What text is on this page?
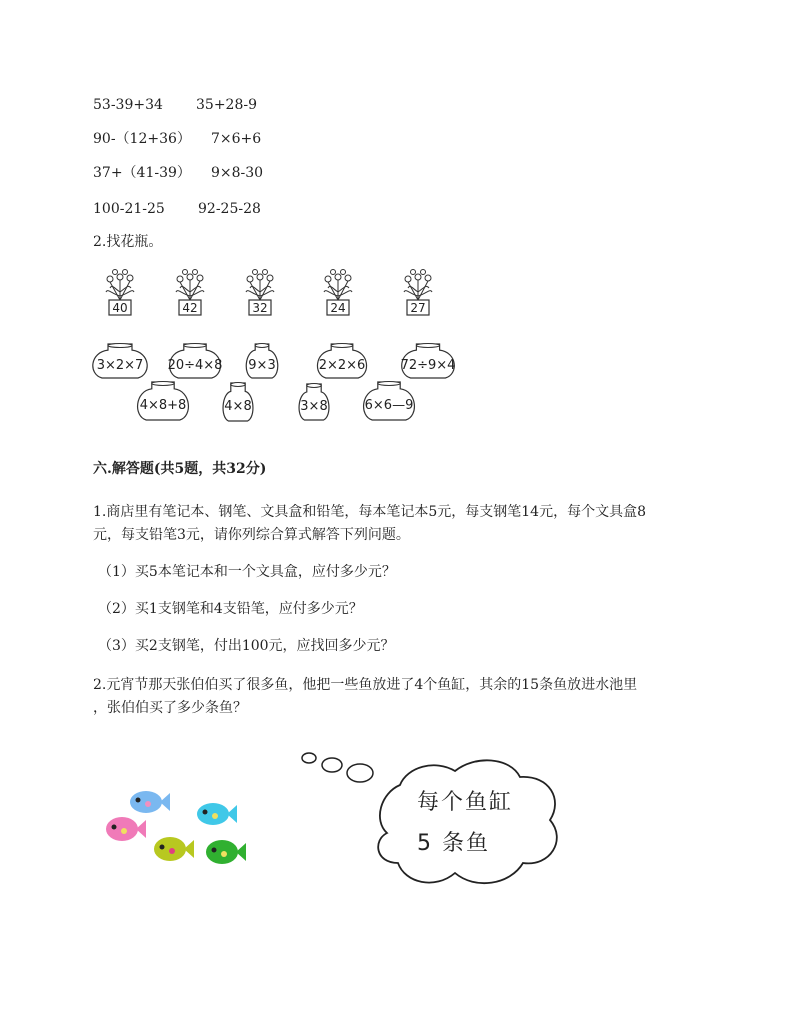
53-39+34 35+28-9
90-（12+36） 7×6+6
37+（41-39） 9×8-30
100-21-25 92-25-28
2.找花瓶。
40	42	32	24	27
3×2×7 20÷4×8 9×3	2×2×6	72÷9×4
4×8+8	4×8	3×8	6×6—9
六.解答题(共5题，共32分)
1.商店里有笔记本、钢笔、文具盒和铅笔，每本笔记本5元，每支钢笔14元，每个文具盒8
元，每支铅笔3元，请你列综合算式解答下列问题。
（1）买5本笔记本和一个文具盒，应付多少元？
（2）买1支钢笔和4支铅笔，应付多少元？
（3）买2支钢笔，付出100元，应找回多少元？
2.元宵节那天张伯伯买了很多鱼，他把一些鱼放进了4个鱼缸，其余的15条鱼放进水池里
，张伯伯买了多少条鱼？
每个鱼缸
5 条鱼
